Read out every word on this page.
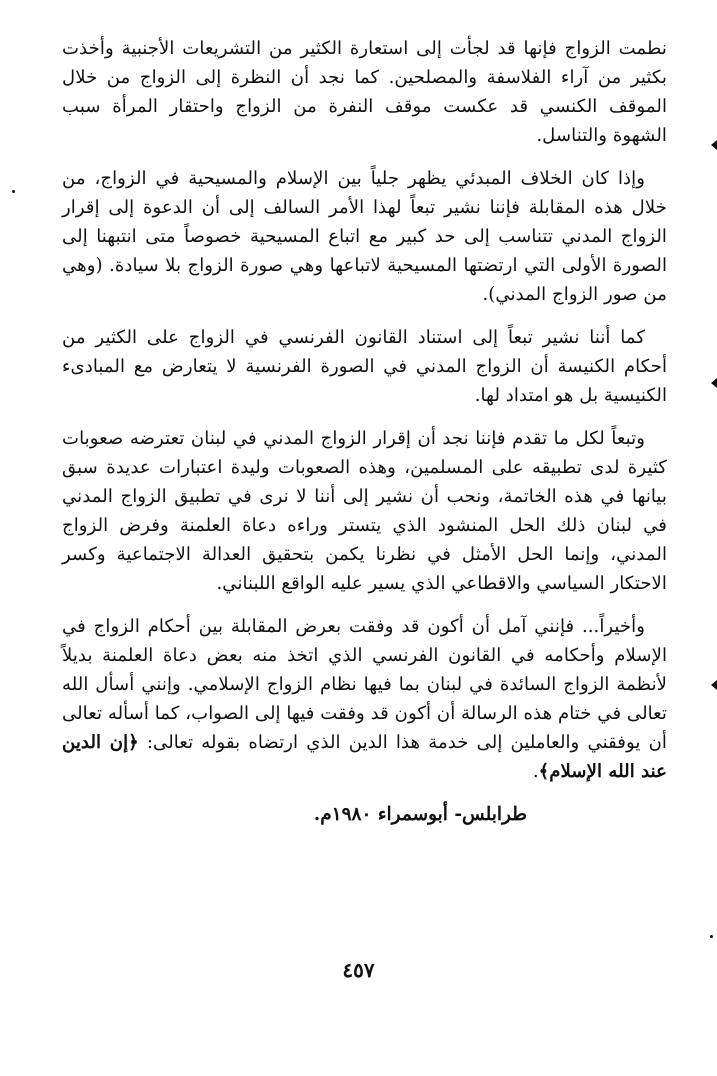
نطمت الزواج فإنها قد لجأت إلى استعارة الكثير من التشريعات الأجنبية وأخذت بكثير من آراء الفلاسفة والمصلحين. كما نجد أن النظرة إلى الزواج من خلال الموقف الكنسي قد عكست موقف النفرة من الزواج واحتقار المرأة سبب الشهوة والتناسل.

وإذا كان الخلاف المبدئي يظهر جلياً بين الإسلام والمسيحية في الزواج، من خلال هذه المقابلة فإننا نشير تبعاً لهذا الأمر السالف إلى أن الدعوة إلى إقرار الزواج المدني تتناسب إلى حد كبير مع اتباع المسيحية خصوصاً متى انتبهنا إلى الصورة الأولى التي ارتضتها المسيحية لاتباعها وهي صورة الزواج بلا سيادة. (وهي من صور الزواج المدني).

كما أننا نشير تبعاً إلى استناد القانون الفرنسي في الزواج على الكثير من أحكام الكنيسة أن الزواج المدني في الصورة الفرنسية لا يتعارض مع المبادىء الكنيسية بل هو امتداد لها.

وتبعاً لكل ما تقدم فإننا نجد أن إقرار الزواج المدني في لبنان تعترضه صعوبات كثيرة لدى تطبيقه على المسلمين، وهذه الصعوبات وليدة اعتبارات عديدة سبق بيانها في هذه الخاتمة، ونحب أن نشير إلى أننا لا نرى في تطبيق الزواج المدني في لبنان ذلك الحل المنشود الذي يتستر وراءه دعاة العلمنة وفرض الزواج المدني، وإنما الحل الأمثل في نظرنا يكمن بتحقيق العدالة الاجتماعية وكسر الاحتكار السياسي والاقطاعي الذي يسير عليه الواقع اللبناني.

وأخيراً... فإنني آمل أن أكون قد وفقت بعرض المقابلة بين أحكام الزواج في الإسلام وأحكامه في القانون الفرنسي الذي اتخذ منه بعض دعاة العلمنة بديلاً لأنظمة الزواج السائدة في لبنان بما فيها نظام الزواج الإسلامي. وإنني أسأل الله تعالى في ختام هذه الرسالة أن أكون قد وفقت فيها إلى الصواب، كما أسأله تعالى أن يوفقني والعاملين إلى خدمة هذا الدين الذي ارتضاه بقوله تعالى: ﴿إن الدين عند الله الإسلام﴾.

طرابلس- أبوسمراء ١٩٨٠م.

٤٥٧
